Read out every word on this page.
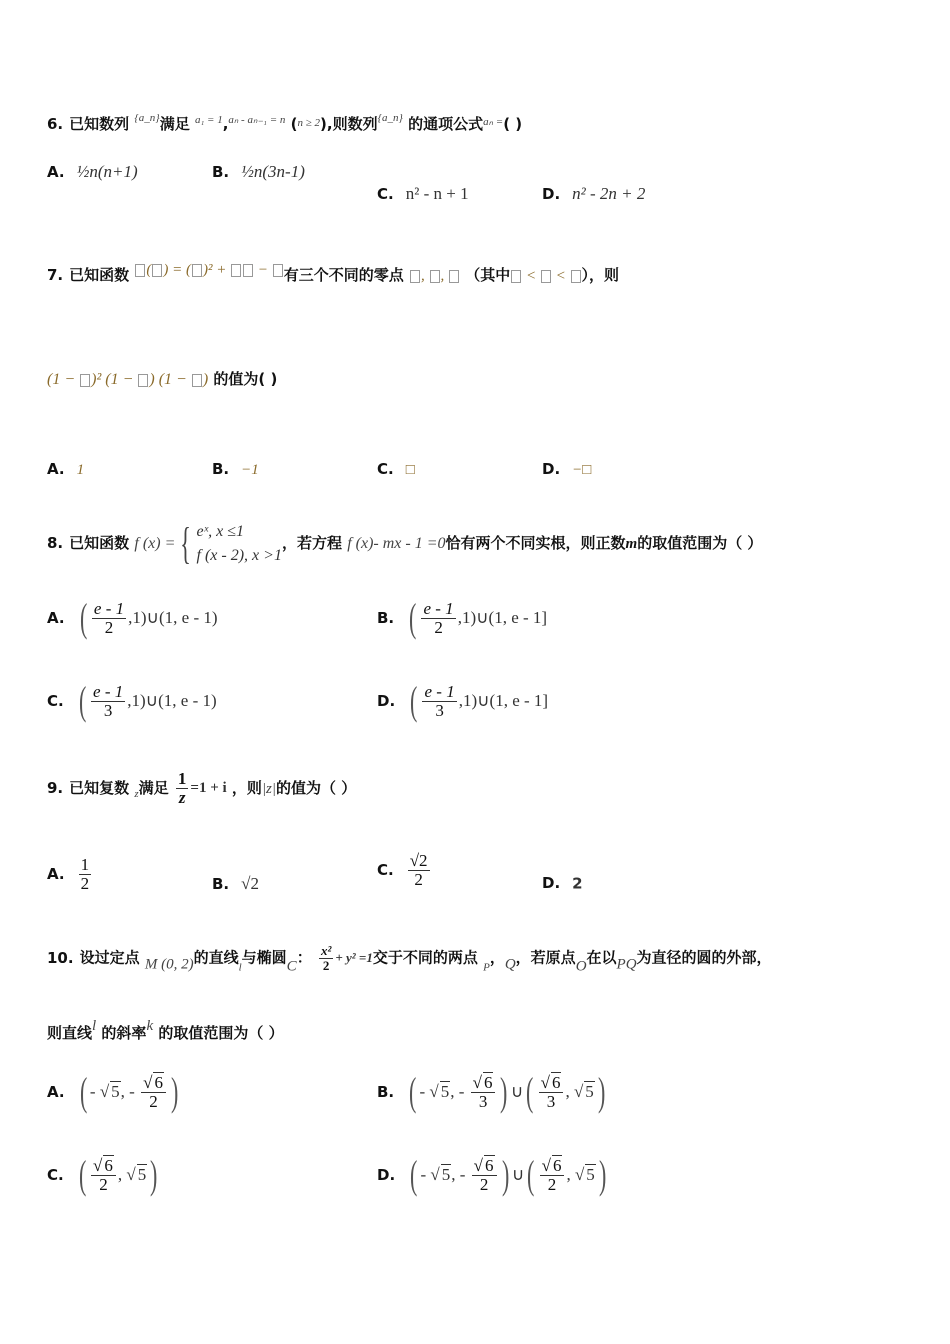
6. 已知数列 $^{\{a\_n\}}$满足 $^{a_1 = 1}$,$^{a_n - a_{n-1} = n}$ ($^{n \ge 2}$),则数列$^{\{a\_n\}}$ 的通项公式$^{a_n =}$( )
A. ½n(n+1)	B. ½n(3n-1)
C. n² - n + 1	D. n² - 2n + 2
7. 已知函数 ( ) = ( )² +  − 有三个不同的零点 , ,  （其中 <  < ），则
(1 − )² (1 − ) (1 − ) 的值为( )
A. 1	B. −1	C. □	D. −□
8. 已知函数 f (x) = { eˣ, x ≤1
f (x - 2), x >1
，若方程 f (x)- mx - 1 =0恰有两个不同实根，则正数m的取值范围为（ ）
A. ( $\frac{e - 1}{2}$ ,1)∪(1, e - 1)	B. ( $\frac{e - 1}{2}$ ,1)∪(1, e - 1]
C. ( $\frac{e - 1}{3}$ ,1)∪(1, e - 1)	D. ( $\frac{e - 1}{3}$ ,1)∪(1, e - 1]
9. 已知复数 $_z$满足 $\frac{1}{z} =1 + i$ ，则|z|的值为（ ）
A. $\frac{1}{2}$	B. √2
C. $\frac{√2}{2}$	D. 2
10. 设过定点 M (0, 2)的直线$_l$与椭圆C： $\frac{\text{x²}}{2} + y^2 =1$交于不同的两点 $_P$，Q，若原点O在以PQ为直径的圆的外部，
则直线l 的斜率k 的取值范围为（ ）
A. ( - √ 5, - $\frac{√ 6}{2}$ )	B. ( - √ 5, - $\frac{√ 6}{3}$ ) ∪( $\frac{√ 6}{3}$ , √ 5)
C. ( $\frac{√ 6}{2}$ , √ 5)	D. ( - √ 5, - $\frac{√ 6}{2}$ ) ∪( $\frac{√ 6}{2}$ , √ 5)
